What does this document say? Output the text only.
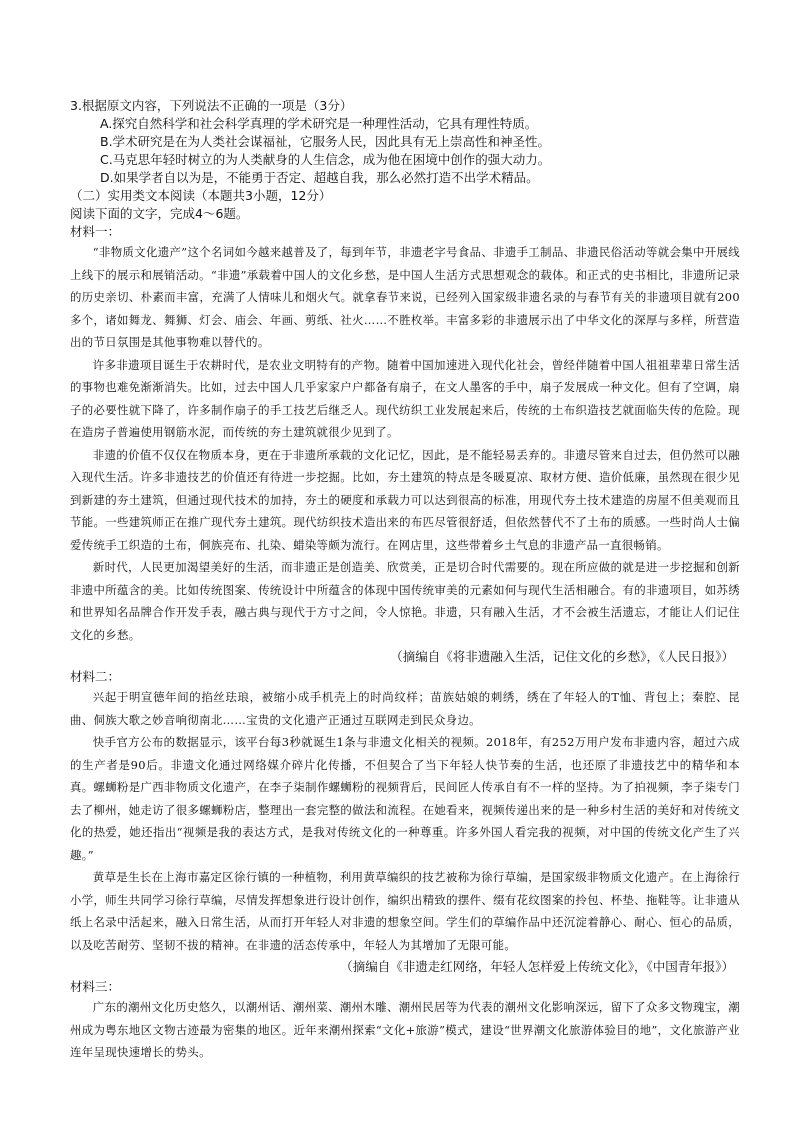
3.根据原文内容，下列说法不正确的一项是（3分）
A.探究自然科学和社会科学真理的学术研究是一种理性活动，它具有理性特质。
B.学术研究是在为人类社会谋福祉，它服务人民，因此具有无上崇高性和神圣性。
C.马克思年轻时树立的为人类献身的人生信念，成为他在困境中创作的强大动力。
D.如果学者自以为是，不能勇于否定、超越自我，那么必然打造不出学术精品。
（二）实用类文本阅读（本题共3小题，12分）
阅读下面的文字，完成4～6题。
材料一：

“非物质文化遗产”这个名词如今越来越普及了，每到年节，非遗老字号食品、非遗手工制品、非遗民俗活动等就会集中开展线上线下的展示和展销活动。“非遗”承载着中国人的文化乡愁，是中国人生活方式思想观念的载体。和正式的史书相比，非遗所记录的历史亲切、朴素而丰富，充满了人情味儿和烟火气。就拿春节来说，已经列入国家级非遗名录的与春节有关的非遗项目就有200多个，诸如舞龙、舞狮、灯会、庙会、年画、剪纸、社火……不胜枚举。丰富多彩的非遗展示出了中华文化的深厚与多样，所营造出的节日氛围是其他事物难以替代的。

许多非遗项目诞生于农耕时代，是农业文明特有的产物。随着中国加速进入现代化社会，曾经伴随着中国人祖祖辈辈日常生活的事物也难免渐渐消失。比如，过去中国人几乎家家户户都备有扇子，在文人墨客的手中，扇子发展成一种文化。但有了空调，扇子的必要性就下降了，许多制作扇子的手工技艺后继乏人。现代纺织工业发展起来后，传统的土布织造技艺就面临失传的危险。现在造房子普遍使用钢筋水泥，而传统的夯土建筑就很少见到了。

非遗的价值不仅仅在物质本身，更在于非遗所承载的文化记忆，因此，是不能轻易丢弃的。非遗尽管来自过去，但仍然可以融入现代生活。许多非遗技艺的价值还有待进一步挖掘。比如，夯土建筑的特点是冬暖夏凉、取材方便、造价低廉，虽然现在很少见到新建的夯土建筑，但通过现代技术的加持，夯土的硬度和承载力可以达到很高的标准，用现代夯土技术建造的房屋不但美观而且节能。一些建筑师正在推广现代夯土建筑。现代纺织技术造出来的布匹尽管很舒适，但依然替代不了土布的质感。一些时尚人士偏爱传统手工织造的土布，侗族亮布、扎染、蜡染等颇为流行。在网店里，这些带着乡土气息的非遗产品一直很畅销。

新时代，人民更加渴望美好的生活，而非遗正是创造美、欣赏美，正是切合时代需要的。现在所应做的就是进一步挖掘和创新非遗中所蕴含的美。比如传统图案、传统设计中所蕴含的体现中国传统审美的元素如何与现代生活相融合。有的非遗项目，如苏绣和世界知名品牌合作开发手表，融古典与现代于方寸之间，令人惊艳。非遗，只有融入生活，才不会被生活遗忘，才能让人们记住文化的乡愁。

（摘编自《将非遗融入生活，记住文化的乡愁》，《人民日报》）
材料二：

兴起于明宣德年间的掐丝珐琅，被缩小成手机壳上的时尚纹样；苗族姑娘的刺绣，绣在了年轻人的T恤、背包上；秦腔、昆曲、侗族大歌之妙音响彻南北……宝贵的文化遗产正通过互联网走到民众身边。

快手官方公布的数据显示，该平台每3秒就诞生1条与非遗文化相关的视频。2018年，有252万用户发布非遗内容，超过六成的生产者是90后。非遗文化通过网络媒介碎片化传播，不但契合了当下年轻人快节奏的生活，也还原了非遗技艺中的精华和本真。螺蛳粉是广西非物质文化遗产，在李子柒制作螺蛳粉的视频背后，民间匠人传承自有不一样的坚持。为了拍视频，李子柒专门去了柳州，她走访了很多螺蛳粉店，整理出一套完整的做法和流程。在她看来，视频传递出来的是一种乡村生活的美好和对传统文化的热爱，她还指出“视频是我的表达方式，是我对传统文化的一种尊重。许多外国人看完我的视频，对中国的传统文化产生了兴趣。”

黄草是生长在上海市嘉定区徐行镇的一种植物，利用黄草编织的技艺被称为徐行草编，是国家级非物质文化遗产。在上海徐行小学，师生共同学习徐行草编，尽情发挥想象进行设计创作，编织出精致的摆件、缀有花纹图案的拎包、杯垫、拖鞋等。让非遗从纸上名录中活起来，融入日常生活，从而打开年轻人对非遗的想象空间。学生们的草编作品中还沉淀着静心、耐心、恒心的品质，以及吃苦耐劳、坚韧不拔的精神。在非遗的活态传承中，年轻人为其增加了无限可能。

（摘编自《非遗走红网络，年轻人怎样爱上传统文化》，《中国青年报》）
材料三：

广东的潮州文化历史悠久，以潮州话、潮州菜、潮州木雕、潮州民居等为代表的潮州文化影响深远，留下了众多文物瑰宝，潮州成为粤东地区文物古迹最为密集的地区。近年来潮州探索“文化+旅游”模式，建设“世界潮文化旅游体验目的地”，文化旅游产业连年呈现快速增长的势头。
